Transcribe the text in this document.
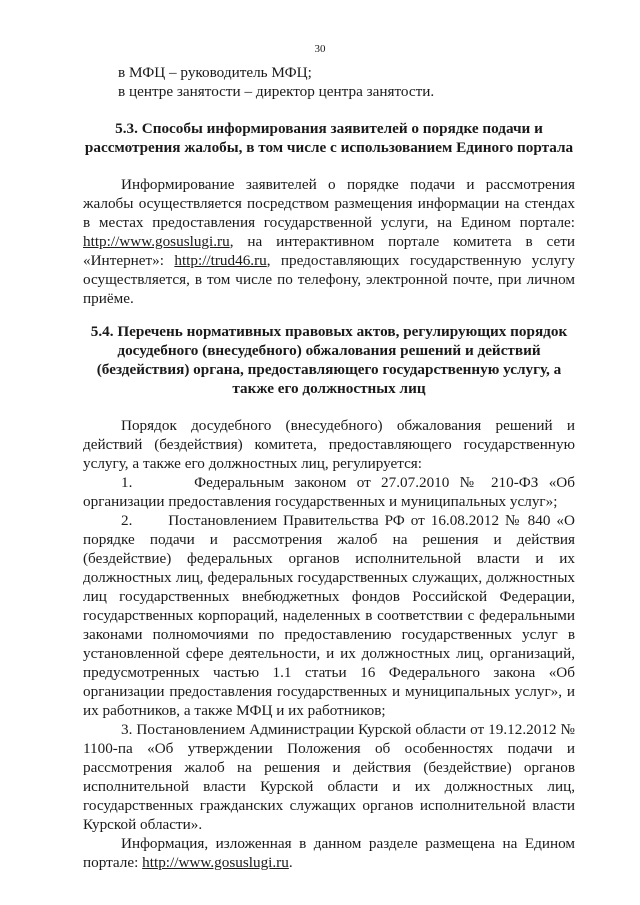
30

в МФЦ – руководитель МФЦ;

в центре занятости – директор центра занятости.

5.3. Способы информирования заявителей о порядке подачи и рассмотрения жалобы, в том числе с использованием Единого портала

Информирование заявителей о порядке подачи и рассмотрения жалобы осуществляется посредством размещения информации на стендах в местах предоставления государственной услуги, на Едином портале: http://www.gosuslugi.ru, на интерактивном портале комитета в сети «Интернет»: http://trud46.ru, предоставляющих государственную услугу осуществляется, в том числе по телефону, электронной почте, при личном приёме.

5.4. Перечень нормативных правовых актов, регулирующих порядок досудебного (внесудебного) обжалования решений и действий (бездействия) органа, предоставляющего государственную услугу, а также его должностных лиц

Порядок досудебного (внесудебного) обжалования решений и действий (бездействия) комитета, предоставляющего государственную услугу, а также его должностных лиц, регулируется:

1.      Федеральным законом от 27.07.2010 № 210-ФЗ «Об организации предоставления государственных и муниципальных услуг»;

2.      Постановлением Правительства РФ от 16.08.2012 № 840 «О порядке подачи и рассмотрения жалоб на решения и действия (бездействие) федеральных органов исполнительной власти и их должностных лиц, федеральных государственных служащих, должностных лиц государственных внебюджетных фондов Российской Федерации, государственных корпораций, наделенных в соответствии с федеральными законами полномочиями по предоставлению государственных услуг в установленной сфере деятельности, и их должностных лиц, организаций, предусмотренных частью 1.1 статьи 16 Федерального закона «Об организации предоставления государственных и муниципальных услуг», и их работников, а также МФЦ и их работников;

3. Постановлением Администрации Курской области от 19.12.2012 № 1100-па «Об утверждении Положения об особенностях подачи и рассмотрения жалоб на решения и действия (бездействие) органов исполнительной власти Курской области и их должностных лиц, государственных гражданских служащих органов исполнительной власти Курской области».

Информация, изложенная в данном разделе размещена на Едином портале: http://www.gosuslugi.ru.
